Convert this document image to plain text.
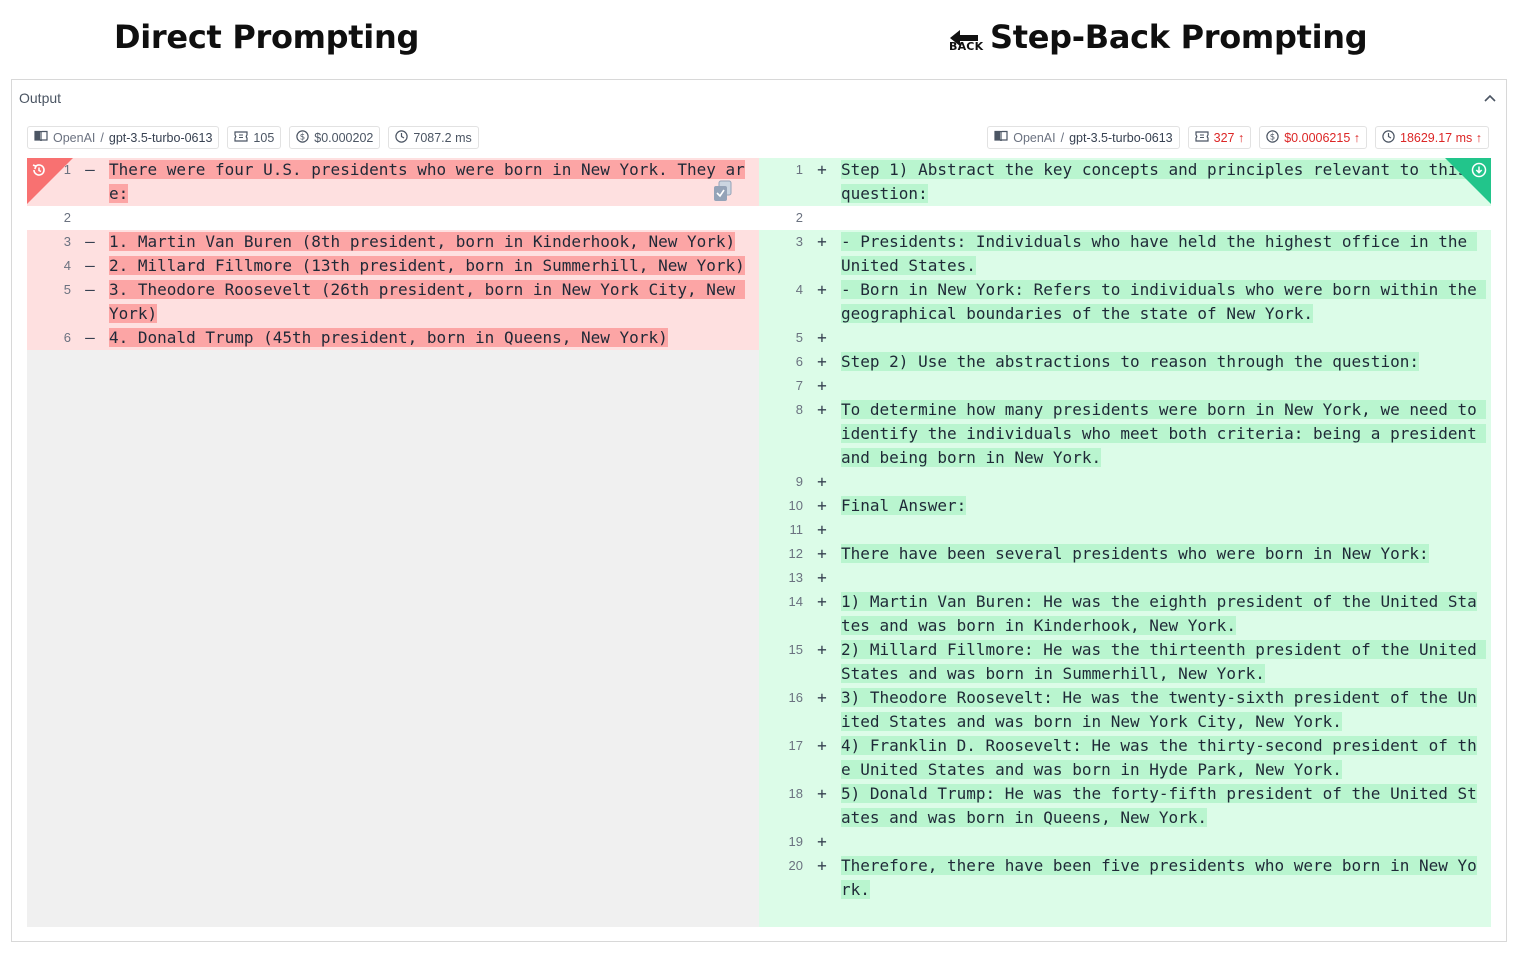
Direct Prompting	BACK Step-Back Prompting
Output
OpenAI / gpt-3.5-turbo-0613	105	$ $0.000202	7087.2 ms	OpenAI / gpt-3.5-turbo-0613	327 ↑	$ $0.0006215 ↑	18629.17 ms ↑
1 – There were four U.S. presidents who were born in New York. They are:
2
3 – 1. Martin Van Buren (8th president, born in Kinderhook, New York)
4 – 2. Millard Fillmore (13th president, born in Summerhill, New York)
5 – 3. Theodore Roosevelt (26th president, born in New York City, New York)
6 – 4. Donald Trump (45th president, born in Queens, New York)
1 + Step 1) Abstract the key concepts and principles relevant to this question:
2
3 + - Presidents: Individuals who have held the highest office in the United States.
4 + - Born in New York: Refers to individuals who were born within the geographical boundaries of the state of New York.
5 +
6 + Step 2) Use the abstractions to reason through the question:
7 +
8 + To determine how many presidents were born in New York, we need to identify the individuals who meet both criteria: being a president and being born in New York.
9 +
10 + Final Answer:
11 +
12 + There have been several presidents who were born in New York:
13 +
14 + 1) Martin Van Buren: He was the eighth president of the United States and was born in Kinderhook, New York.
15 + 2) Millard Fillmore: He was the thirteenth president of the United States and was born in Summerhill, New York.
16 + 3) Theodore Roosevelt: He was the twenty-sixth president of the United States and was born in New York City, New York.
17 + 4) Franklin D. Roosevelt: He was the thirty-second president of the United States and was born in Hyde Park, New York.
18 + 5) Donald Trump: He was the forty-fifth president of the United States and was born in Queens, New York.
19 +
20 + Therefore, there have been five presidents who were born in New York.
